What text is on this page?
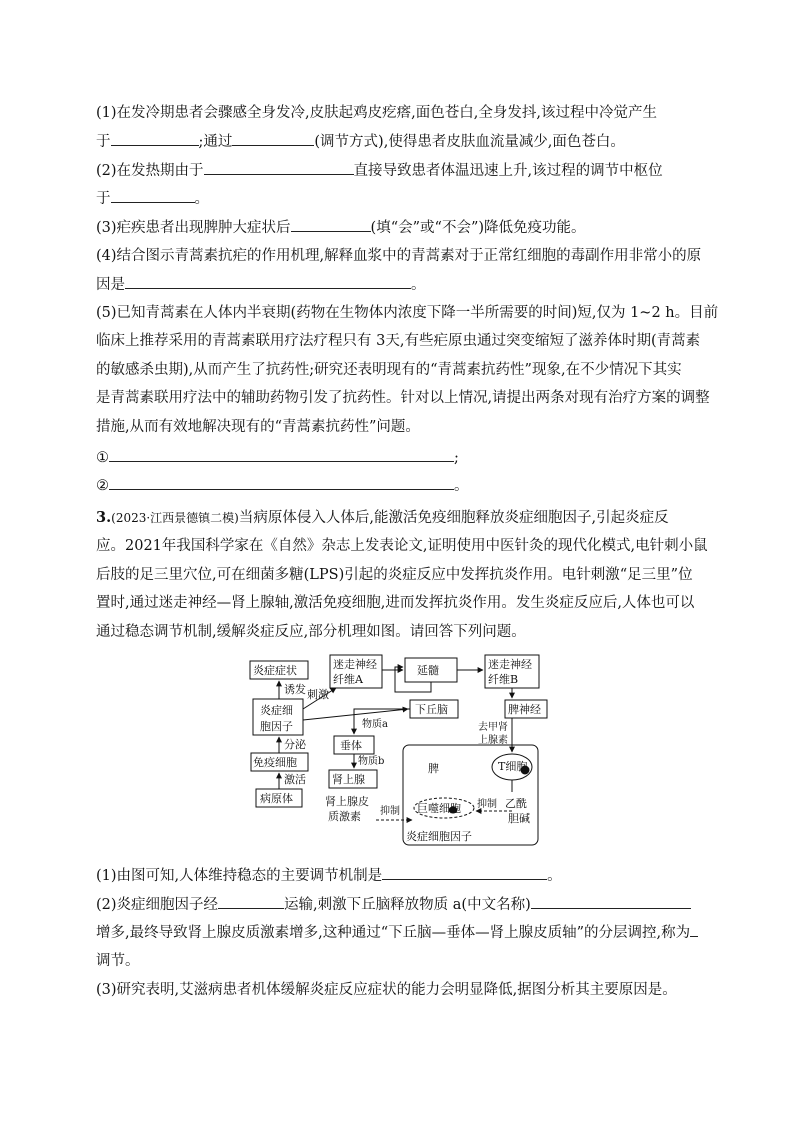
(1)在发冷期患者会骤感全身发冷,皮肤起鸡皮疙瘩,面色苍白,全身发抖,该过程中冷觉产生
于	;通过	(调节方式),使得患者皮肤血流量减少,面色苍白。
(2)在发热期由于	直接导致患者体温迅速上升,该过程的调节中枢位
于	。
(3)疟疾患者出现脾肿大症状后	(填“会”或“不会”)降低免疫功能。
(4)结合图示青蒿素抗疟的作用机理,解释血浆中的青蒿素对于正常红细胞的毒副作用非常小的原
因是	。
(5)已知青蒿素在人体内半衰期(药物在生物体内浓度下降一半所需要的时间)短,仅为 1~2 h。目前
临床上推荐采用的青蒿素联用疗法疗程只有 3天,有些疟原虫通过突变缩短了滋养体时期(青蒿素
的敏感杀虫期),从而产生了抗药性;研究还表明现有的“青蒿素抗药性”现象,在不少情况下其实
是青蒿素联用疗法中的辅助药物引发了抗药性。针对以上情况,请提出两条对现有治疗方案的调整
措施,从而有效地解决现有的“青蒿素抗药性”问题。
①	;
②	。
3.(2023·江西景德镇二模)当病原体侵入人体后,能激活免疫细胞释放炎症细胞因子,引起炎症反
应。2021年我国科学家在《自然》杂志上发表论文,证明使用中医针灸的现代化模式,电针刺小鼠
后肢的足三里穴位,可在细菌多糖(LPS)引起的炎症反应中发挥抗炎作用。电针刺激“足三里”位
置时,通过迷走神经—肾上腺轴,激活免疫细胞,进而发挥抗炎作用。发生炎症反应后,人体也可以
通过稳态调节机制,缓解炎症反应,部分机理如图。请回答下列问题。
炎症症状
炎症细
胞因子
免疫细胞
病原体
迷走神经
纤维A
延髓	迷走神经
纤维B
下丘脑	脾神经
垂体
肾上腺
T细胞
巨噬细胞
诱发 刺激
分泌
激活
物质a
物质b
去甲肾
上腺素
脾
肾上腺皮
质激素 抑制
抑制 乙酰
胆碱
炎症细胞因子
(1)由图可知,人体维持稳态的主要调节机制是	。
(2)炎症细胞因子经	运输,刺激下丘脑释放物质 a(中文名称)
增多,最终导致肾上腺皮质激素增多,这种通过“下丘脑—垂体—肾上腺皮质轴”的分层调控,称为
调节。
(3)研究表明,艾滋病患者机体缓解炎症反应症状的能力会明显降低,据图分析其主要原因是。
